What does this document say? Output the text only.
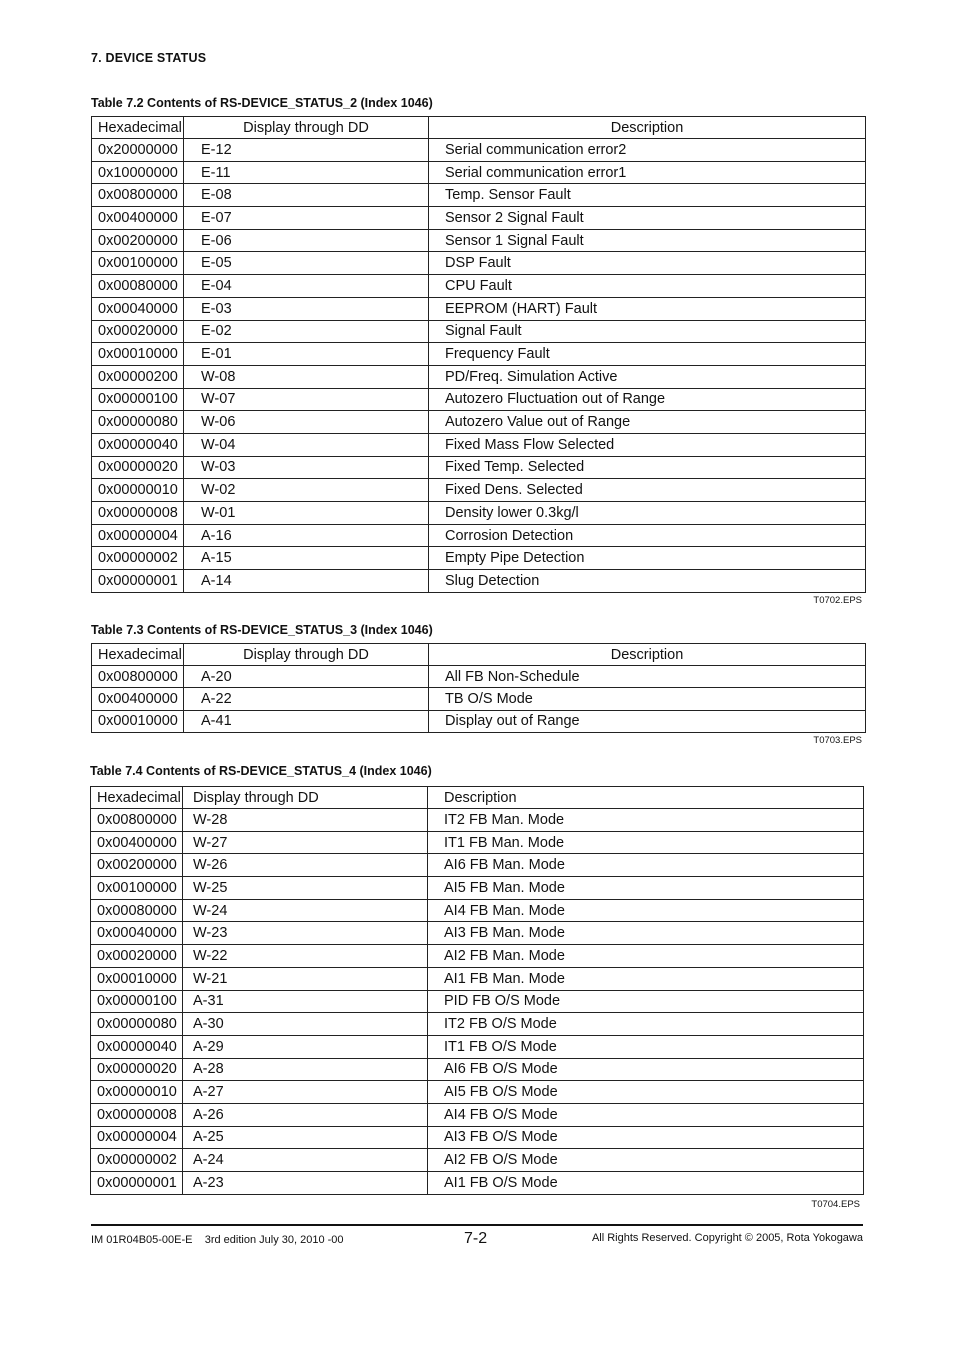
7. DEVICE STATUS
Table 7.2 Contents of RS-DEVICE_STATUS_2 (Index 1046)
Hexadecimal	Display through DD	Description
0x20000000	E-12	Serial communication error2
0x10000000	E-11	Serial communication error1
0x00800000	E-08	Temp. Sensor Fault
0x00400000	E-07	Sensor 2 Signal Fault
0x00200000	E-06	Sensor 1 Signal Fault
0x00100000	E-05	DSP Fault
0x00080000	E-04	CPU Fault
0x00040000	E-03	EEPROM (HART) Fault
0x00020000	E-02	Signal Fault
0x00010000	E-01	Frequency Fault
0x00000200	W-08	PD/Freq. Simulation Active
0x00000100	W-07	Autozero Fluctuation out of Range
0x00000080	W-06	Autozero Value out of Range
0x00000040	W-04	Fixed Mass Flow Selected
0x00000020	W-03	Fixed Temp. Selected
0x00000010	W-02	Fixed Dens. Selected
0x00000008	W-01	Density lower 0.3kg/l
0x00000004	A-16	Corrosion Detection
0x00000002	A-15	Empty Pipe Detection
0x00000001	A-14	Slug Detection
T0702.EPS
Table 7.3 Contents of RS-DEVICE_STATUS_3 (Index 1046)
Hexadecimal	Display through DD	Description
0x00800000	A-20	All FB Non-Schedule
0x00400000	A-22	TB O/S Mode
0x00010000	A-41	Display out of Range
T0703.EPS
Table 7.4 Contents of RS-DEVICE_STATUS_4 (Index 1046)
Hexadecimal	Display through DD	Description
0x00800000	W-28	IT2 FB Man. Mode
0x00400000	W-27	IT1 FB Man. Mode
0x00200000	W-26	AI6 FB Man. Mode
0x00100000	W-25	AI5 FB Man. Mode
0x00080000	W-24	AI4 FB Man. Mode
0x00040000	W-23	AI3 FB Man. Mode
0x00020000	W-22	AI2 FB Man. Mode
0x00010000	W-21	AI1 FB Man. Mode
0x00000100	A-31	PID FB O/S Mode
0x00000080	A-30	IT2 FB O/S Mode
0x00000040	A-29	IT1 FB O/S Mode
0x00000020	A-28	AI6 FB O/S Mode
0x00000010	A-27	AI5 FB O/S Mode
0x00000008	A-26	AI4 FB O/S Mode
0x00000004	A-25	AI3 FB O/S Mode
0x00000002	A-24	AI2 FB O/S Mode
0x00000001	A-23	AI1 FB O/S Mode
T0704.EPS
IM 01R04B05-00E-E    3rd edition July 30, 2010 -00	7-2	All Rights Reserved. Copyright © 2005, Rota Yokogawa
